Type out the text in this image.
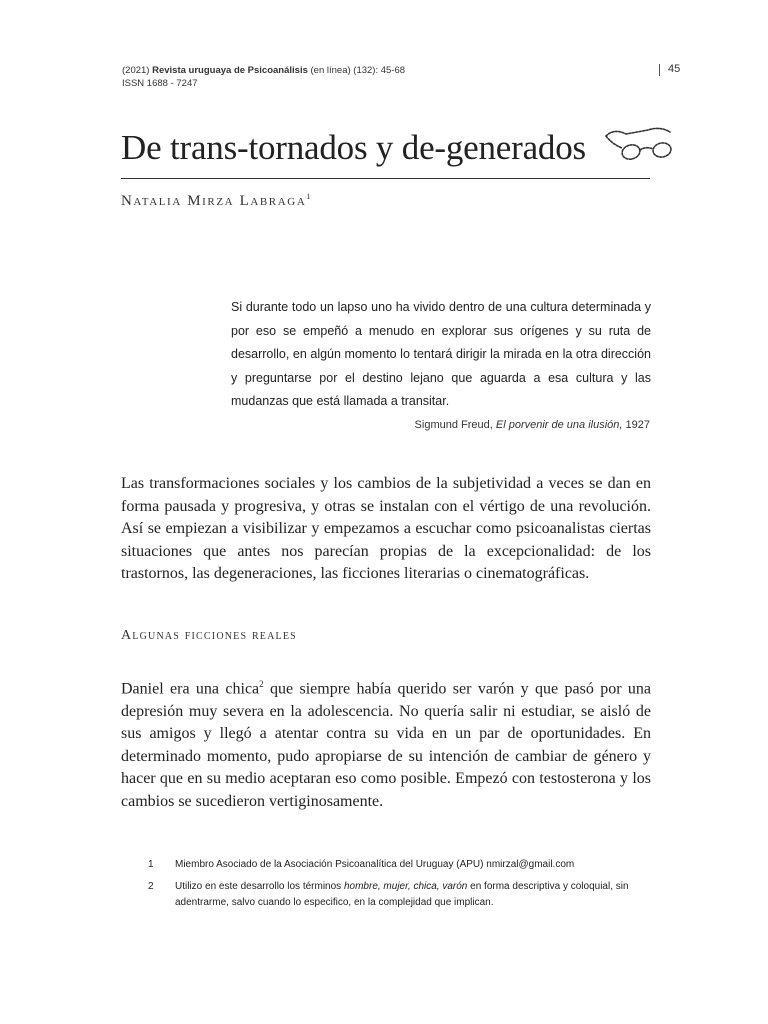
(2021) Revista uruguaya de Psicoanálisis (en línea) (132): 45-68
ISSN 1688 - 7247
45
De trans-tornados y de-generados
Natalia Mirza Labraga$^1$
Si durante todo un lapso uno ha vivido dentro de una cultura determinada y por eso se empeñó a menudo en explorar sus orígenes y su ruta de desarrollo, en algún momento lo tentará dirigir la mirada en la otra dirección y preguntarse por el destino lejano que aguarda a esa cultura y las mudanzas que está llamada a transitar.
Sigmund Freud, El porvenir de una ilusión, 1927
Las transformaciones sociales y los cambios de la subjetividad a veces se dan en forma pausada y progresiva, y otras se instalan con el vértigo de una revolución. Así se empiezan a visibilizar y empezamos a escuchar como psicoanalistas ciertas situaciones que antes nos parecían propias de la excepcionalidad: de los trastornos, las degeneraciones, las ficciones literarias o cinematográficas.
Algunas ficciones reales
Daniel era una chica$^2$ que siempre había querido ser varón y que pasó por una depresión muy severa en la adolescencia. No quería salir ni estudiar, se aisló de sus amigos y llegó a atentar contra su vida en un par de oportunidades. En determinado momento, pudo apropiarse de su intención de cambiar de género y hacer que en su medio aceptaran eso como posible. Empezó con testosterona y los cambios se sucedieron vertiginosamente.
1 Miembro Asociado de la Asociación Psicoanalítica del Uruguay (APU) nmirzal@gmail.com
2 Utilizo en este desarrollo los términos hombre, mujer, chica, varón en forma descriptiva y coloquial, sin adentrarme, salvo cuando lo especifico, en la complejidad que implican.
